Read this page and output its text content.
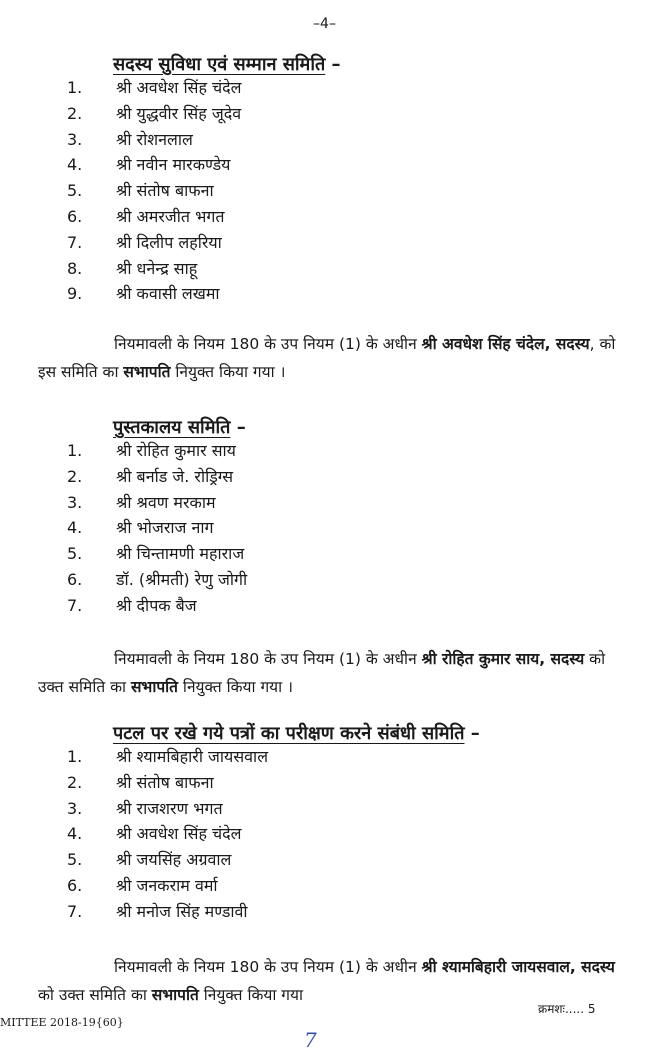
–4–
सदस्य सुविधा एवं सम्मान समिति –
1.	श्री अवधेश सिंह चंदेल
2.	श्री युद्धवीर सिंह जूदेव
3.	श्री रोशनलाल
4.	श्री नवीन मारकण्डेय
5.	श्री संतोष बाफना
6.	श्री अमरजीत भगत
7.	श्री दिलीप लहरिया
8.	श्री धनेन्द्र साहू
9.	श्री कवासी लखमा

नियमावली के नियम 180 के उप नियम (1) के अधीन श्री अवधेश सिंह चंदेल, सदस्य, को इस समिति का सभापति नियुक्त किया गया ।

पुस्तकालय समिति –
1.	श्री रोहित कुमार साय
2.	श्री बर्नाड जे. रोड्रिग्स
3.	श्री श्रवण मरकाम
4.	श्री भोजराज नाग
5.	श्री चिन्तामणी महाराज
6.	डॉ. (श्रीमती) रेणु जोगी
7.	श्री दीपक बैज

नियमावली के नियम 180 के उप नियम (1) के अधीन श्री रोहित कुमार साय, सदस्य को उक्त समिति का सभापति नियुक्त किया गया ।

पटल पर रखे गये पत्रों का परीक्षण करने संबंधी समिति –
1.	श्री श्यामबिहारी जायसवाल
2.	श्री संतोष बाफना
3.	श्री राजशरण भगत
4.	श्री अवधेश सिंह चंदेल
5.	श्री जयसिंह अग्रवाल
6.	श्री जनकराम वर्मा
7.	श्री मनोज सिंह मण्डावी

नियमावली के नियम 180 के उप नियम (1) के अधीन श्री श्यामबिहारी जायसवाल, सदस्य को उक्त समिति का सभापति नियुक्त किया गया

क्रमशः..... 5
MITTEE 2018-19{60}
7
